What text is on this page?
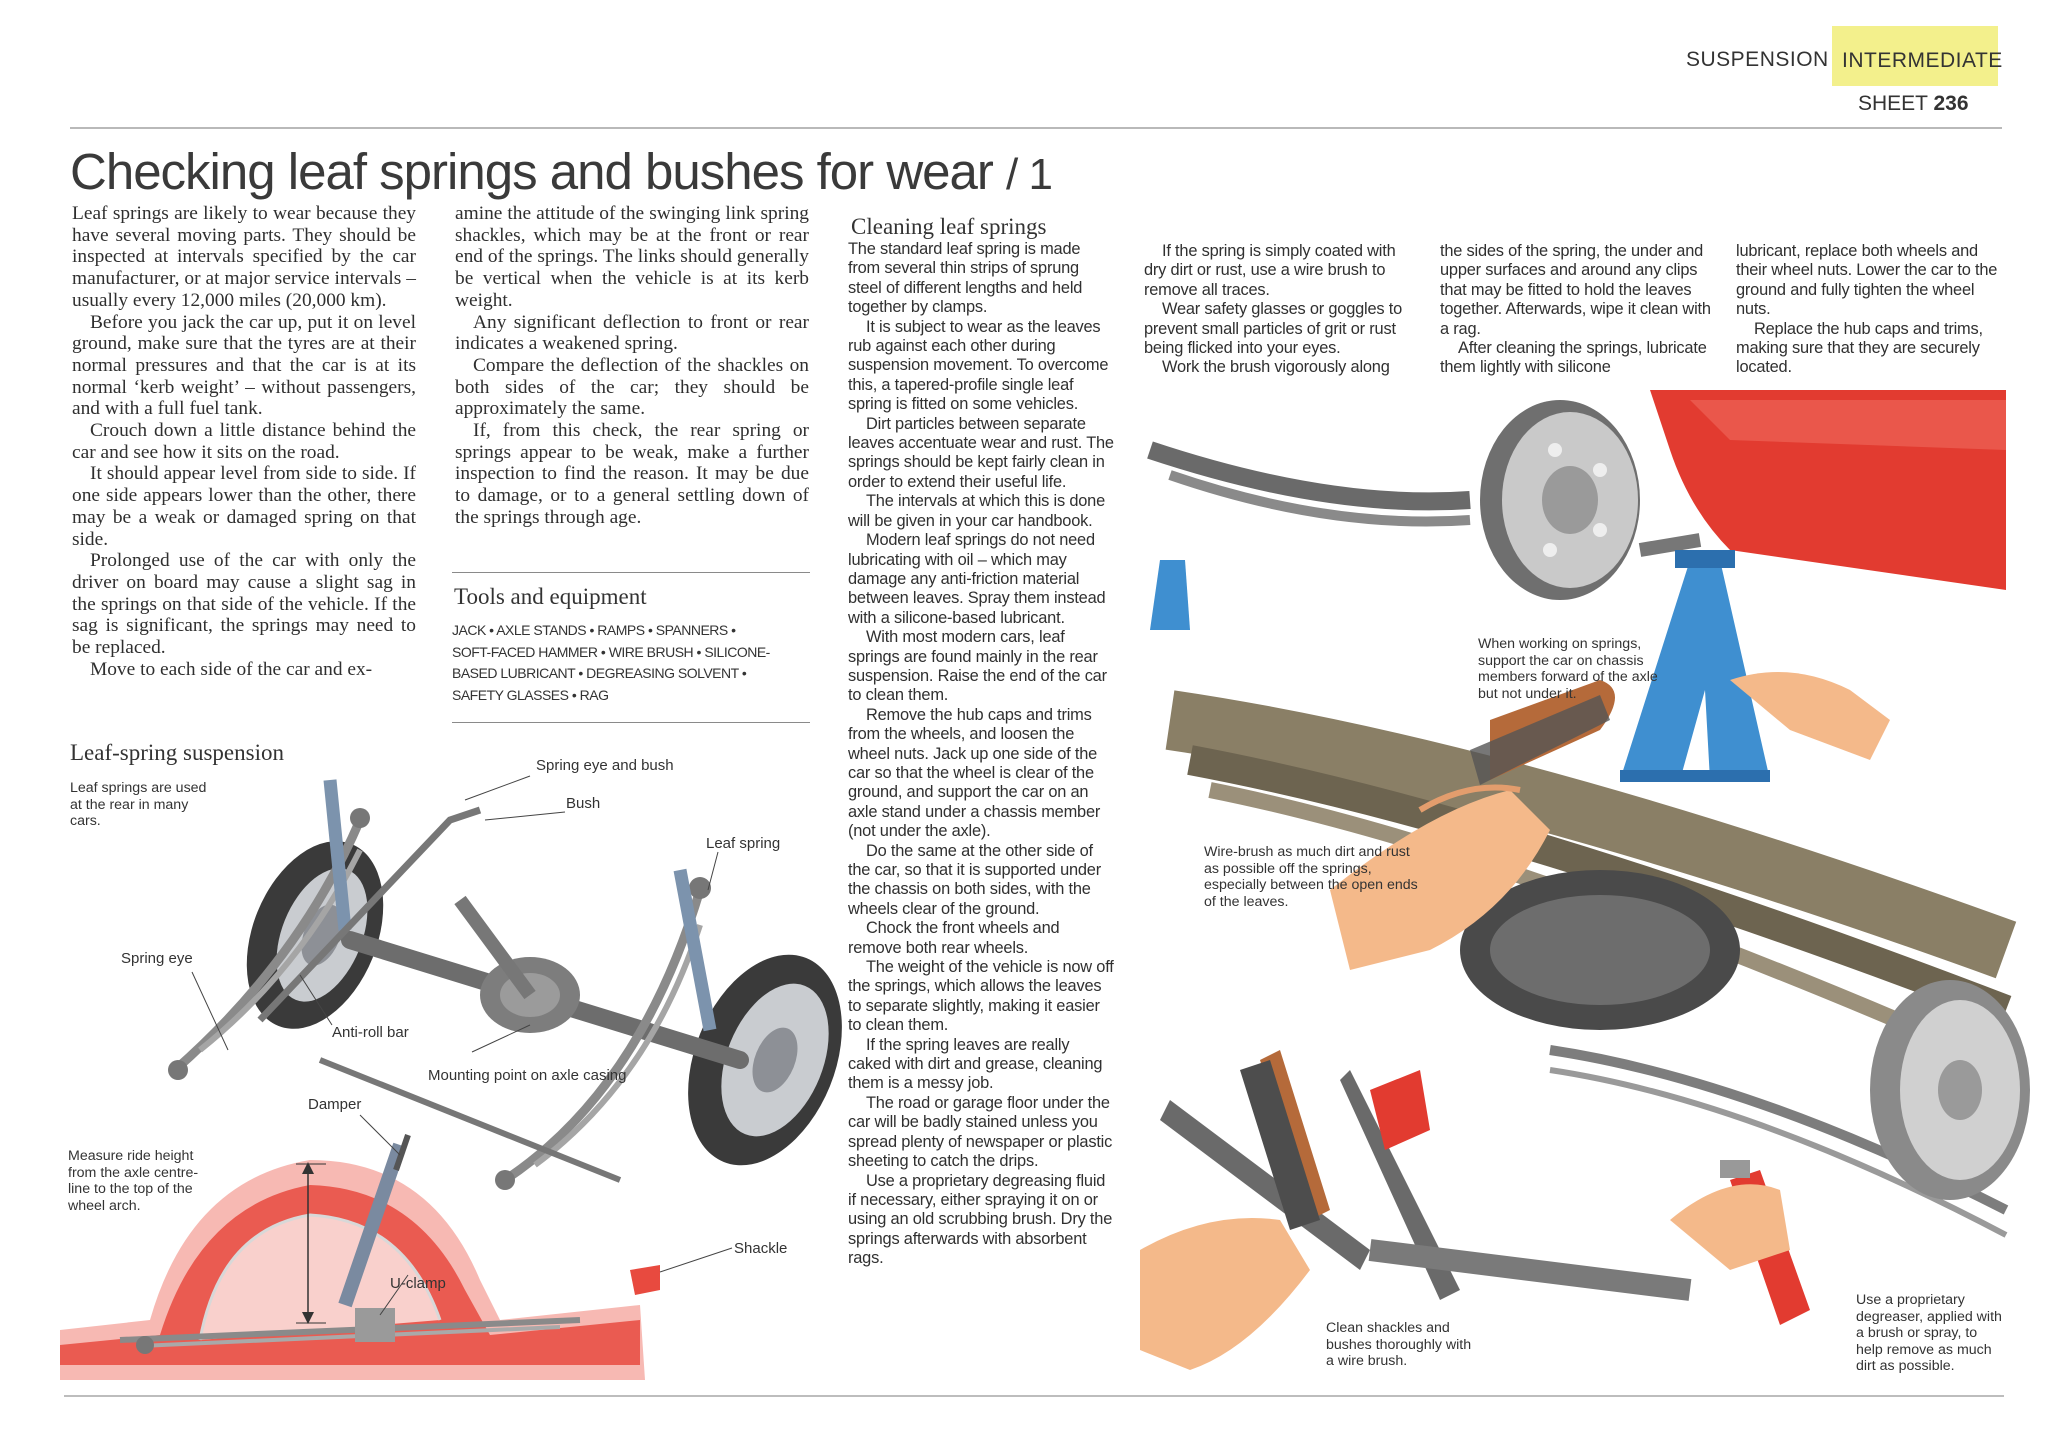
SUSPENSION INTERMEDIATE
SHEET 236
Checking leaf springs and bushes for wear / 1

Leaf springs are likely to wear because they have several moving parts. They should be inspected at intervals specified by the car manufacturer, or at major service intervals – usually every 12,000 miles (20,000 km).

Before you jack the car up, put it on level ground, make sure that the tyres are at their normal pressures and that the car is at its normal ‘kerb weight’ – without passengers, and with a full fuel tank.

Crouch down a little distance behind the car and see how it sits on the road.

It should appear level from side to side. If one side appears lower than the other, there may be a weak or damaged spring on that side.

Prolonged use of the car with only the driver on board may cause a slight sag in the springs on that side of the vehicle. If the sag is significant, the springs may need to be replaced.

Move to each side of the car and ex-

amine the attitude of the swinging link spring shackles, which may be at the front or rear end of the springs. The links should generally be vertical when the vehicle is at its kerb weight.

Any significant deflection to front or rear indicates a weakened spring.

Compare the deflection of the shackles on both sides of the car; they should be approximately the same.

If, from this check, the rear spring or springs appear to be weak, make a further inspection to find the reason. It may be due to damage, or to a general settling down of the springs through age.

Tools and equipment
JACK • AXLE STANDS • RAMPS • SPANNERS •
SOFT-FACED HAMMER • WIRE BRUSH • SILICONE-
BASED LUBRICANT • DEGREASING SOLVENT •
SAFETY GLASSES • RAG
Cleaning leaf springs

The standard leaf spring is made from several thin strips of sprung steel of different lengths and held together by clamps.

It is subject to wear as the leaves rub against each other during suspension movement. To overcome this, a tapered-profile single leaf spring is fitted on some vehicles.

Dirt particles between separate leaves accentuate wear and rust. The springs should be kept fairly clean in order to extend their useful life.

The intervals at which this is done will be given in your car handbook.

Modern leaf springs do not need lubricating with oil – which may damage any anti-friction material between leaves. Spray them instead with a silicone-based lubricant.

With most modern cars, leaf springs are found mainly in the rear suspension. Raise the end of the car to clean them.

Remove the hub caps and trims from the wheels, and loosen the wheel nuts. Jack up one side of the car so that the wheel is clear of the ground, and support the car on an axle stand under a chassis member (not under the axle).

Do the same at the other side of the car, so that it is supported under the chassis on both sides, with the wheels clear of the ground.

Chock the front wheels and remove both rear wheels.

The weight of the vehicle is now off the springs, which allows the leaves to separate slightly, making it easier to clean them.

If the spring leaves are really caked with dirt and grease, cleaning them is a messy job.

The road or garage floor under the car will be badly stained unless you spread plenty of newspaper or plastic sheeting to catch the drips.

Use a proprietary degreasing fluid if necessary, either spraying it on or using an old scrubbing brush. Dry the springs afterwards with absorbent rags.

If the spring is simply coated with dry dirt or rust, use a wire brush to remove all traces.

Wear safety glasses or goggles to prevent small particles of grit or rust being flicked into your eyes.

Work the brush vigorously along

the sides of the spring, the under and upper surfaces and around any clips that may be fitted to hold the leaves together. Afterwards, wipe it clean with a rag.

After cleaning the springs, lubricate them lightly with silicone

lubricant, replace both wheels and their wheel nuts. Lower the car to the ground and fully tighten the wheel nuts.

Replace the hub caps and trims, making sure that they are securely located.

Leaf-spring suspension
Leaf springs are used at the rear in many cars.
Spring eye and bush
Bush
Leaf spring
Spring eye
Anti-roll bar
Mounting point on axle casing
Damper
Shackle
U-clamp
Measure ride height from the axle centre-line to the top of the wheel arch.
When working on springs, support the car on chassis members forward of the axle but not under it.
Wire-brush as much dirt and rust as possible off the springs, especially between the open ends of the leaves.
Clean shackles and bushes thoroughly with a wire brush.
Use a proprietary degreaser, applied with a brush or spray, to help remove as much dirt as possible.
